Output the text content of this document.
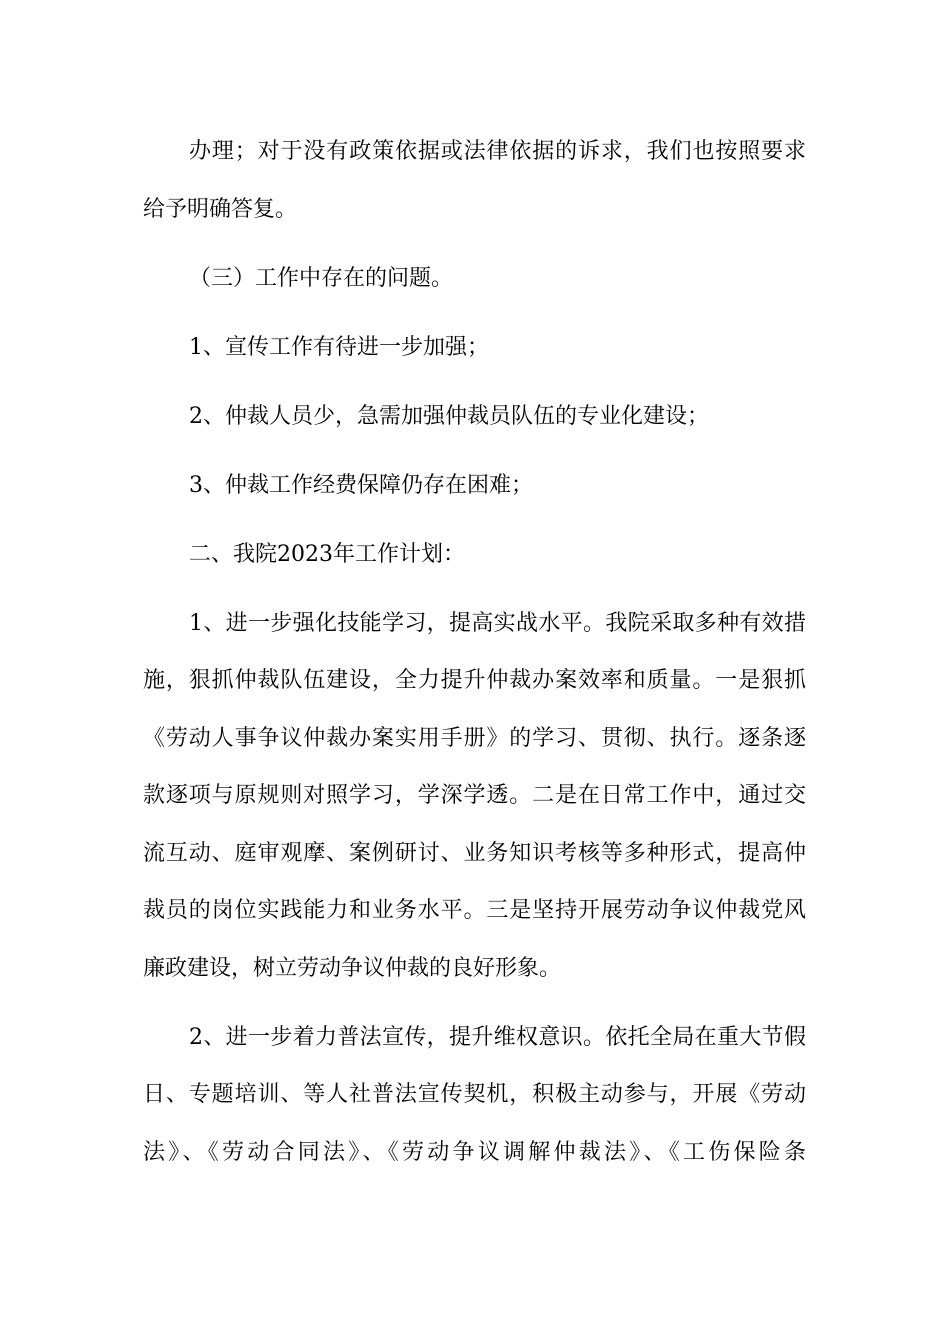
办理；对于没有政策依据或法律依据的诉求，我们也按照要求
给予明确答复。
（三）工作中存在的问题。
1、宣传工作有待进一步加强；
2、仲裁人员少，急需加强仲裁员队伍的专业化建设；
3、仲裁工作经费保障仍存在困难；
二、我院2023年工作计划：
1、进一步强化技能学习，提高实战水平。我院采取多种有效措
施，狠抓仲裁队伍建设，全力提升仲裁办案效率和质量。一是狠抓
《劳动人事争议仲裁办案实用手册》的学习、贯彻、执行。逐条逐
款逐项与原规则对照学习，学深学透。二是在日常工作中，通过交
流互动、庭审观摩、案例研讨、业务知识考核等多种形式，提高仲
裁员的岗位实践能力和业务水平。三是坚持开展劳动争议仲裁党风
廉政建设，树立劳动争议仲裁的良好形象。
2、进一步着力普法宣传，提升维权意识。依托全局在重大节假
日、专题培训、等人社普法宣传契机，积极主动参与，开展《劳动
法》、《劳动合同法》、《劳动争议调解仲裁法》、《工伤保险条
